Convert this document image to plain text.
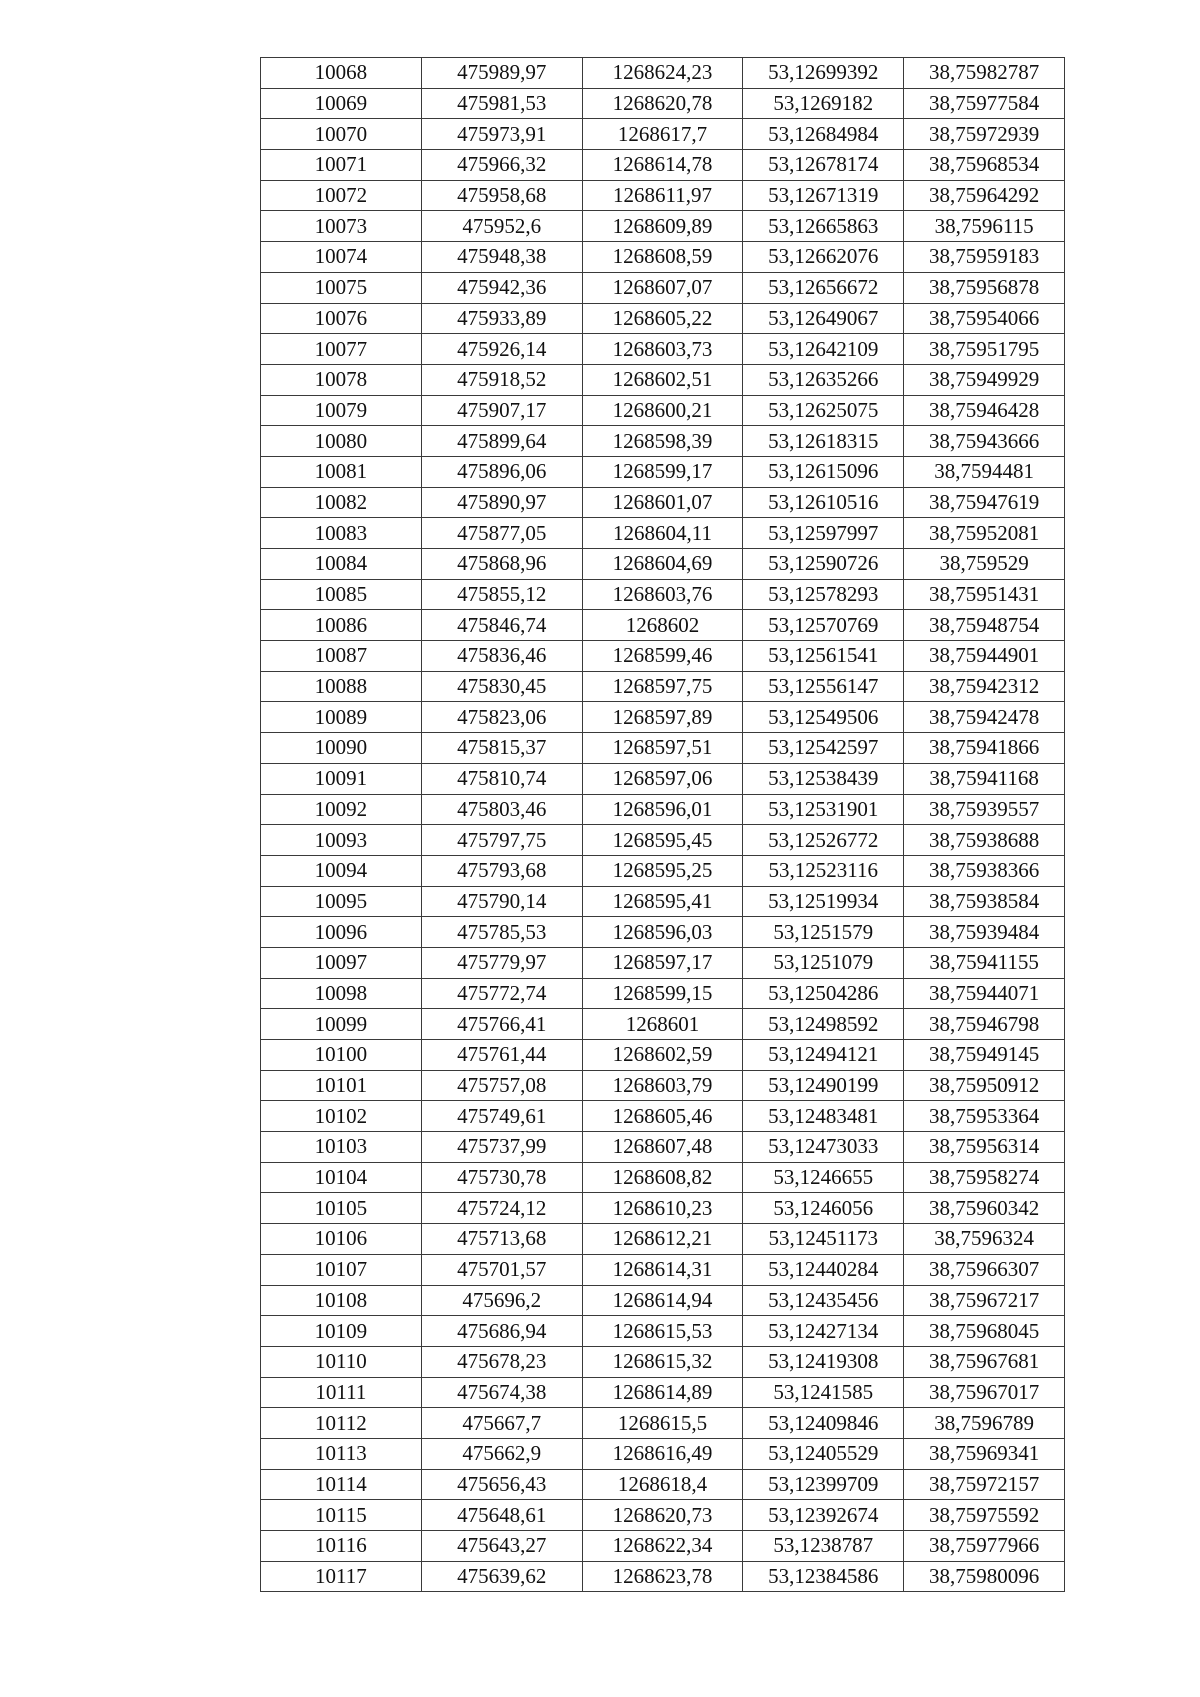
10068	475989,97	1268624,23	53,12699392	38,75982787
10069	475981,53	1268620,78	53,1269182	38,75977584
10070	475973,91	1268617,7	53,12684984	38,75972939
10071	475966,32	1268614,78	53,12678174	38,75968534
10072	475958,68	1268611,97	53,12671319	38,75964292
10073	475952,6	1268609,89	53,12665863	38,7596115
10074	475948,38	1268608,59	53,12662076	38,75959183
10075	475942,36	1268607,07	53,12656672	38,75956878
10076	475933,89	1268605,22	53,12649067	38,75954066
10077	475926,14	1268603,73	53,12642109	38,75951795
10078	475918,52	1268602,51	53,12635266	38,75949929
10079	475907,17	1268600,21	53,12625075	38,75946428
10080	475899,64	1268598,39	53,12618315	38,75943666
10081	475896,06	1268599,17	53,12615096	38,7594481
10082	475890,97	1268601,07	53,12610516	38,75947619
10083	475877,05	1268604,11	53,12597997	38,75952081
10084	475868,96	1268604,69	53,12590726	38,759529
10085	475855,12	1268603,76	53,12578293	38,75951431
10086	475846,74	1268602	53,12570769	38,75948754
10087	475836,46	1268599,46	53,12561541	38,75944901
10088	475830,45	1268597,75	53,12556147	38,75942312
10089	475823,06	1268597,89	53,12549506	38,75942478
10090	475815,37	1268597,51	53,12542597	38,75941866
10091	475810,74	1268597,06	53,12538439	38,75941168
10092	475803,46	1268596,01	53,12531901	38,75939557
10093	475797,75	1268595,45	53,12526772	38,75938688
10094	475793,68	1268595,25	53,12523116	38,75938366
10095	475790,14	1268595,41	53,12519934	38,75938584
10096	475785,53	1268596,03	53,1251579	38,75939484
10097	475779,97	1268597,17	53,1251079	38,75941155
10098	475772,74	1268599,15	53,12504286	38,75944071
10099	475766,41	1268601	53,12498592	38,75946798
10100	475761,44	1268602,59	53,12494121	38,75949145
10101	475757,08	1268603,79	53,12490199	38,75950912
10102	475749,61	1268605,46	53,12483481	38,75953364
10103	475737,99	1268607,48	53,12473033	38,75956314
10104	475730,78	1268608,82	53,1246655	38,75958274
10105	475724,12	1268610,23	53,1246056	38,75960342
10106	475713,68	1268612,21	53,12451173	38,7596324
10107	475701,57	1268614,31	53,12440284	38,75966307
10108	475696,2	1268614,94	53,12435456	38,75967217
10109	475686,94	1268615,53	53,12427134	38,75968045
10110	475678,23	1268615,32	53,12419308	38,75967681
10111	475674,38	1268614,89	53,1241585	38,75967017
10112	475667,7	1268615,5	53,12409846	38,7596789
10113	475662,9	1268616,49	53,12405529	38,75969341
10114	475656,43	1268618,4	53,12399709	38,75972157
10115	475648,61	1268620,73	53,12392674	38,75975592
10116	475643,27	1268622,34	53,1238787	38,75977966
10117	475639,62	1268623,78	53,12384586	38,75980096
